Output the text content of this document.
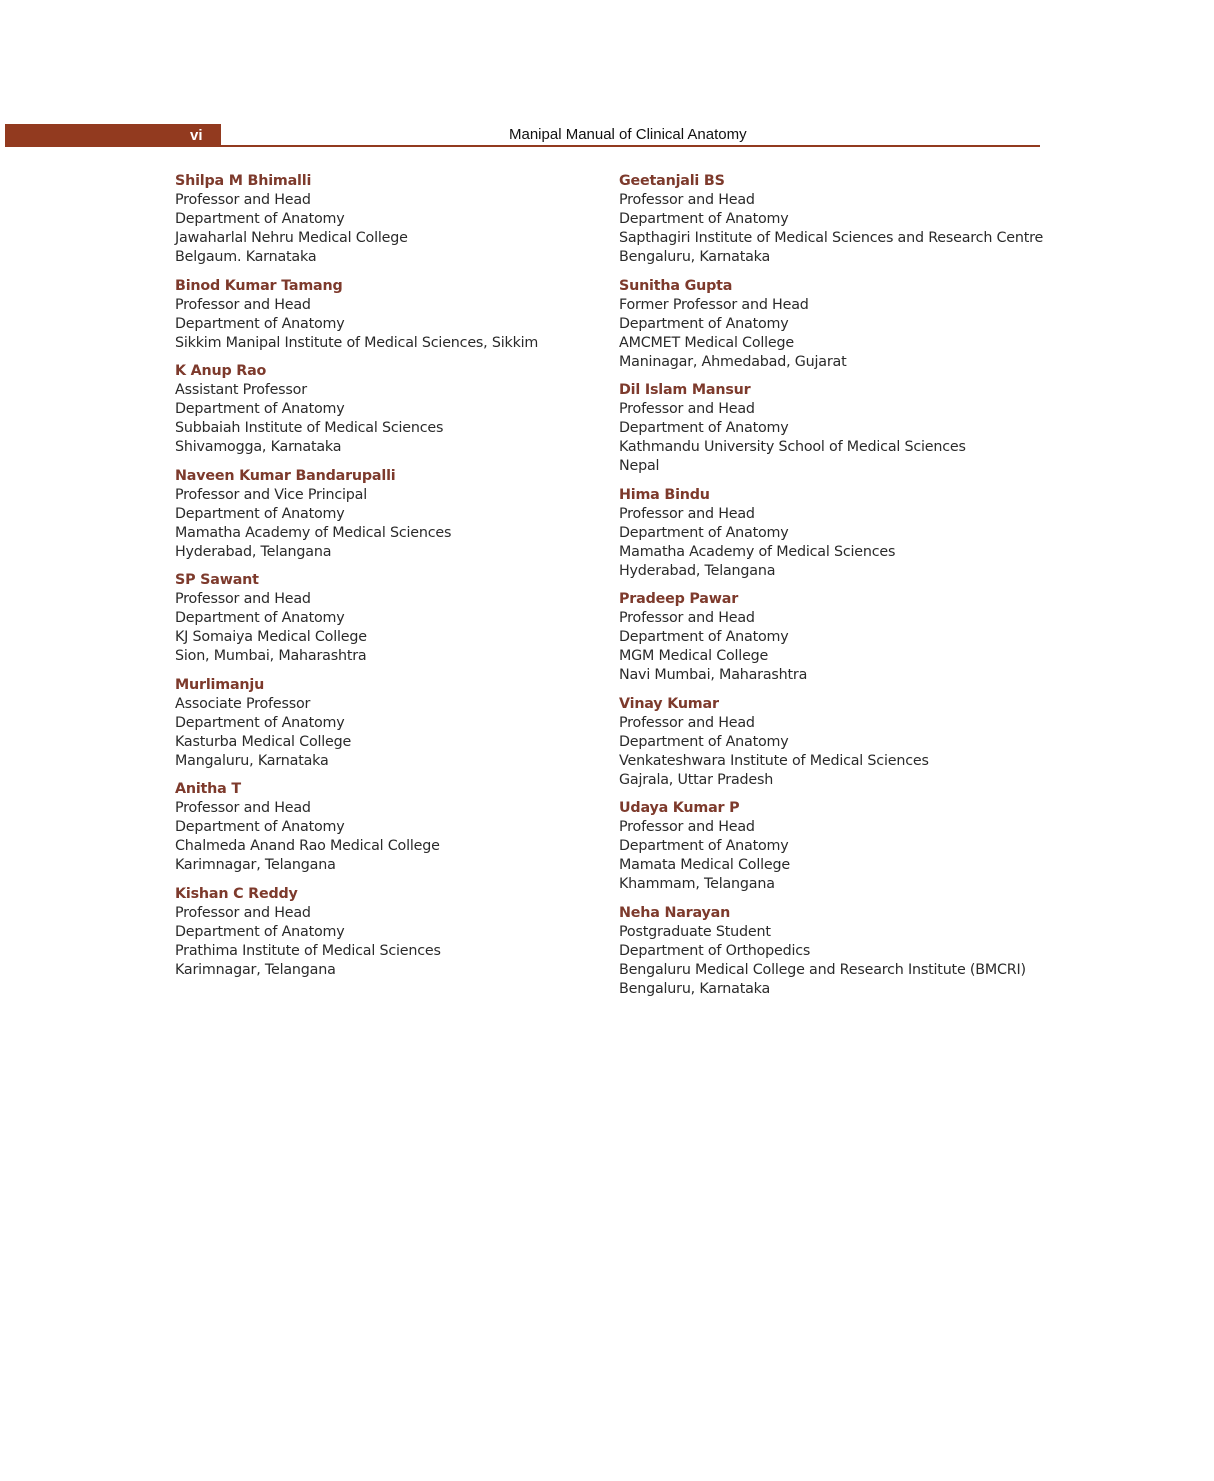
vi	Manipal Manual of Clinical Anatomy
Shilpa M Bhimalli
Professor and Head
Department of Anatomy
Jawaharlal Nehru Medical College
Belgaum. Karnataka
Binod Kumar Tamang
Professor and Head
Department of Anatomy
Sikkim Manipal Institute of Medical Sciences, Sikkim
K Anup Rao
Assistant Professor
Department of Anatomy
Subbaiah Institute of Medical Sciences
Shivamogga, Karnataka
Naveen Kumar Bandarupalli
Professor and Vice Principal
Department of Anatomy
Mamatha Academy of Medical Sciences
Hyderabad, Telangana
SP Sawant
Professor and Head
Department of Anatomy
KJ Somaiya Medical College
Sion, Mumbai, Maharashtra
Murlimanju
Associate Professor
Department of Anatomy
Kasturba Medical College
Mangaluru, Karnataka
Anitha T
Professor and Head
Department of Anatomy
Chalmeda Anand Rao Medical College
Karimnagar, Telangana
Kishan C Reddy
Professor and Head
Department of Anatomy
Prathima Institute of Medical Sciences
Karimnagar, Telangana
Geetanjali BS
Professor and Head
Department of Anatomy
Sapthagiri Institute of Medical Sciences and Research Centre
Bengaluru, Karnataka
Sunitha Gupta
Former Professor and Head
Department of Anatomy
AMCMET Medical College
Maninagar, Ahmedabad, Gujarat
Dil Islam Mansur
Professor and Head
Department of Anatomy
Kathmandu University School of Medical Sciences
Nepal
Hima Bindu
Professor and Head
Department of Anatomy
Mamatha Academy of Medical Sciences
Hyderabad, Telangana
Pradeep Pawar
Professor and Head
Department of Anatomy
MGM Medical College
Navi Mumbai, Maharashtra
Vinay Kumar
Professor and Head
Department of Anatomy
Venkateshwara Institute of Medical Sciences
Gajrala, Uttar Pradesh
Udaya Kumar P
Professor and Head
Department of Anatomy
Mamata Medical College
Khammam, Telangana
Neha Narayan
Postgraduate Student
Department of Orthopedics
Bengaluru Medical College and Research Institute (BMCRI)
Bengaluru, Karnataka
